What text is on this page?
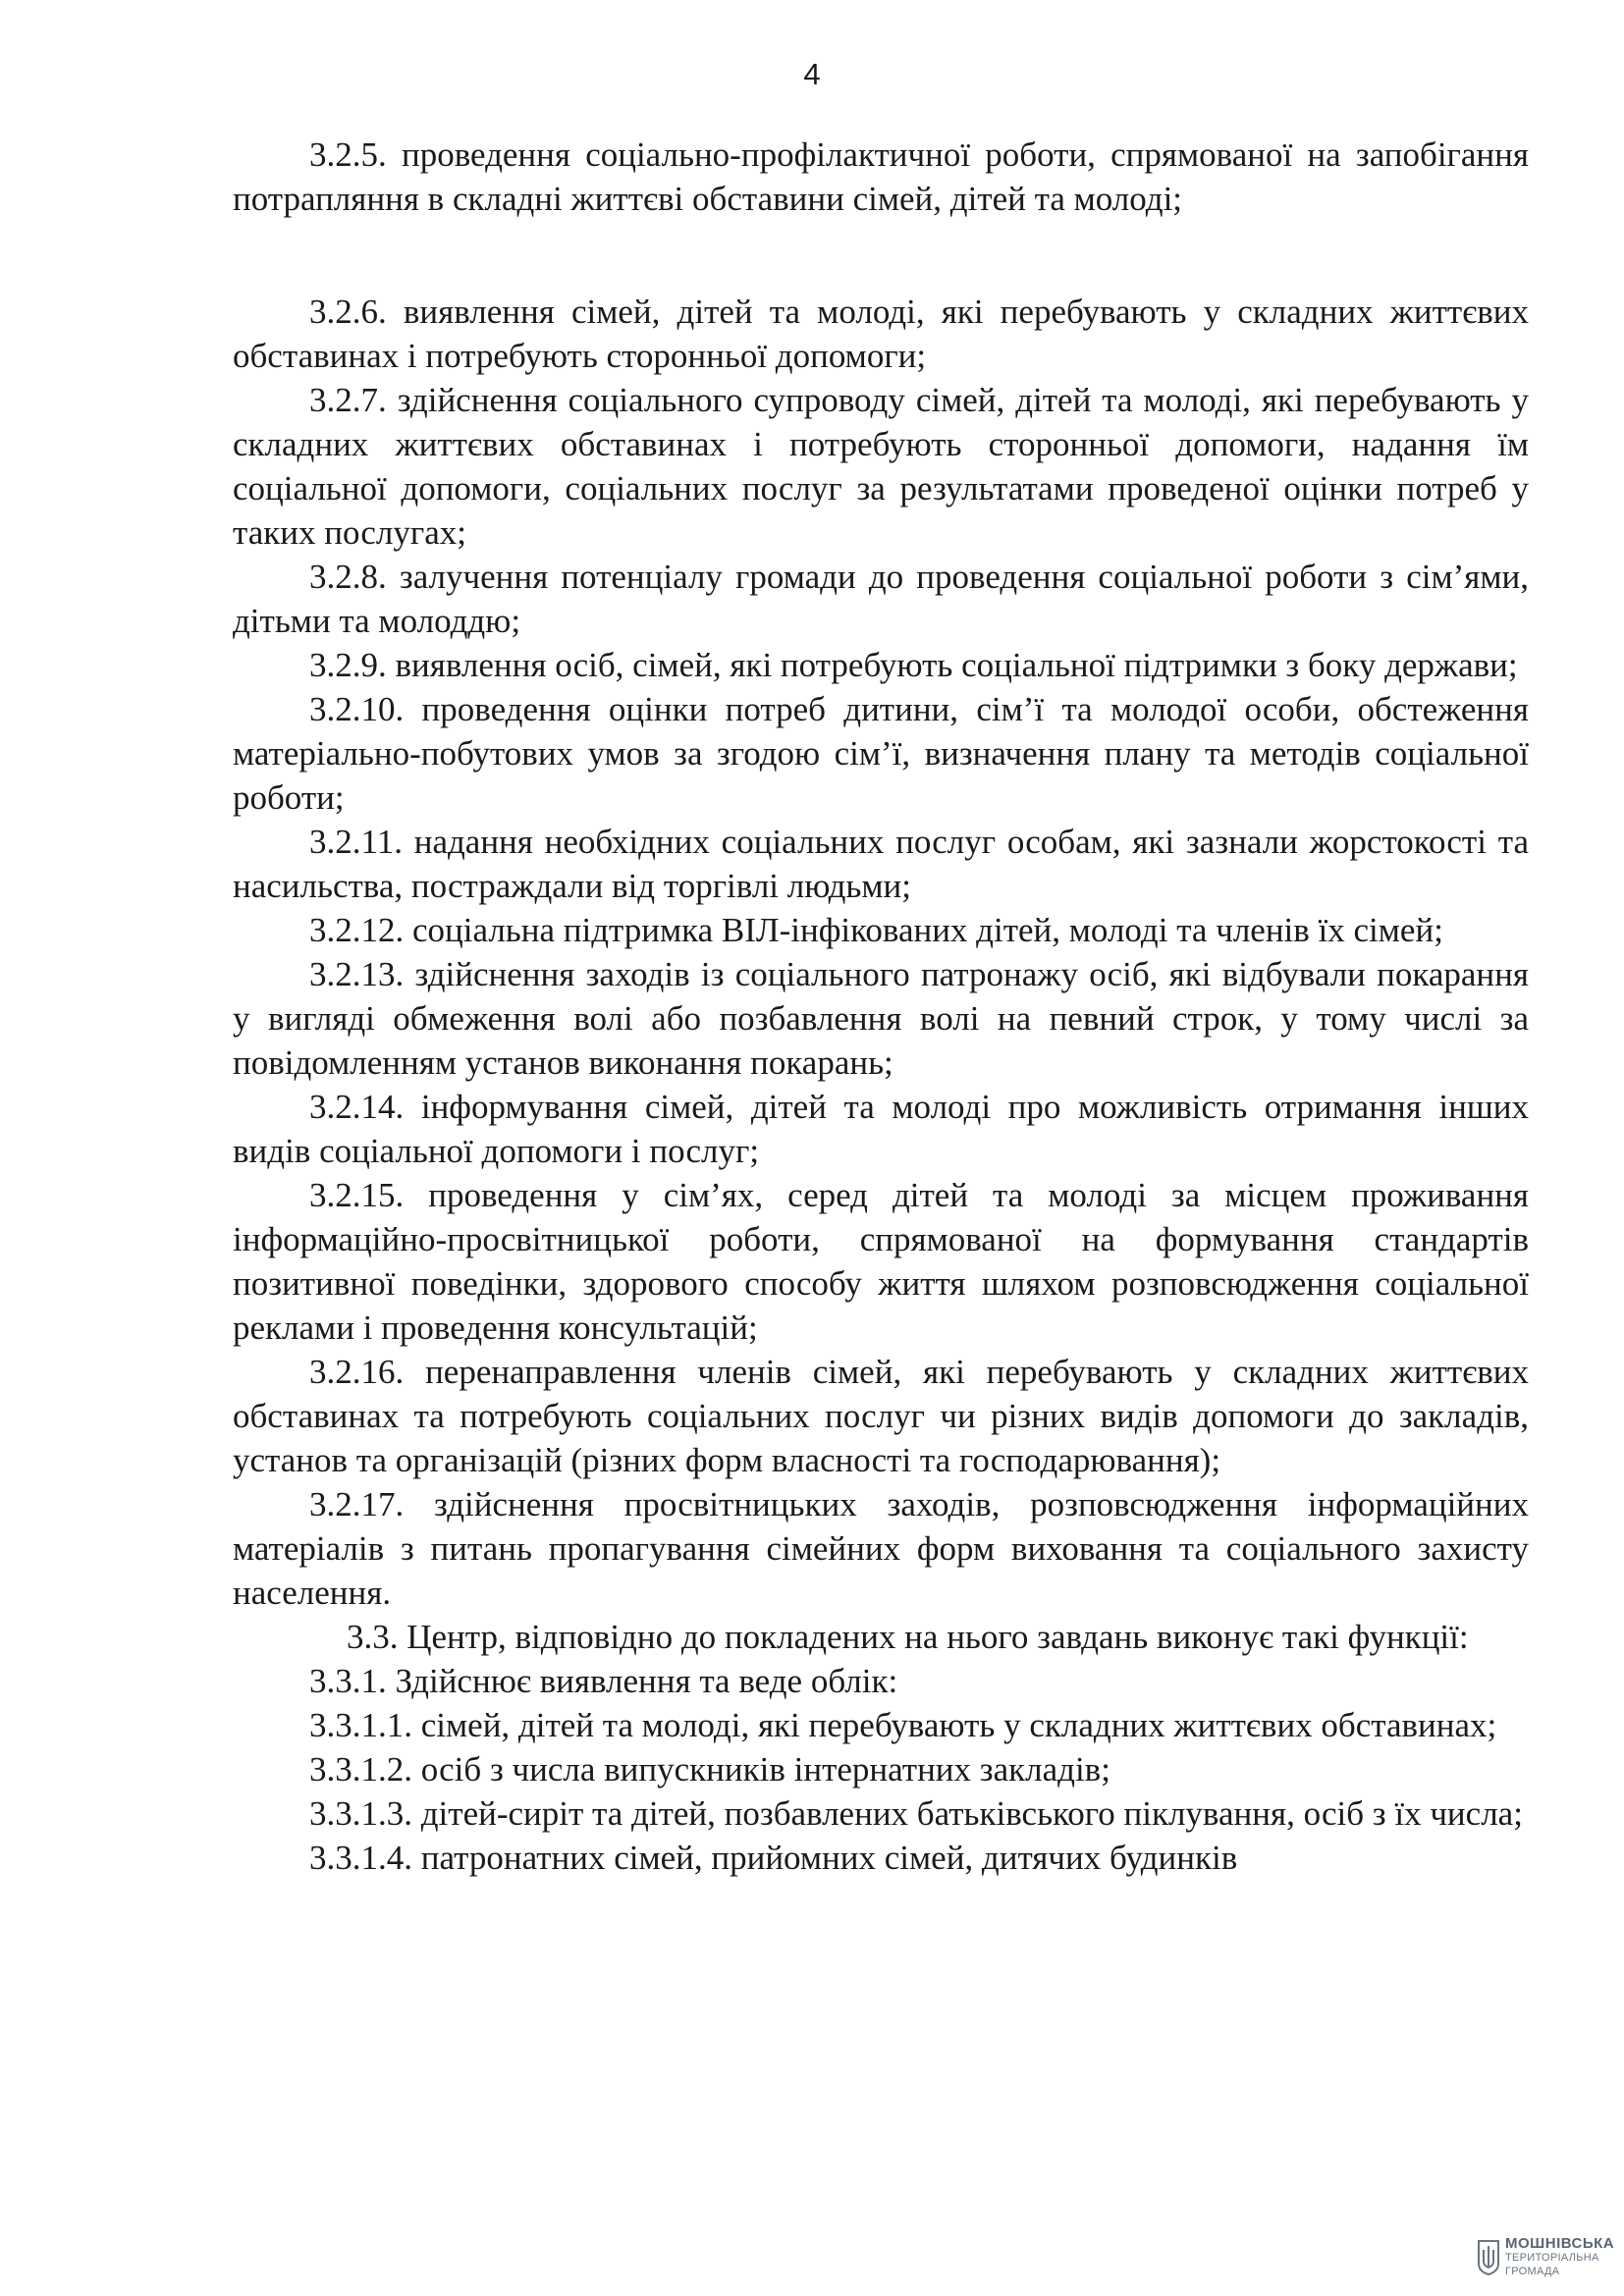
4

3.2.5. проведення соціально-профілактичної роботи, спрямованої на запобігання потрапляння в складні життєві обставини сімей, дітей та молоді;

3.2.6. виявлення сімей, дітей та молоді, які перебувають у складних життєвих обставинах і потребують сторонньої допомоги;

3.2.7. здійснення соціального супроводу сімей, дітей та молоді, які перебувають у складних життєвих обставинах і потребують сторонньої допомоги, надання їм соціальної допомоги, соціальних послуг за результатами проведеної оцінки потреб у таких послугах;

3.2.8. залучення потенціалу громади до проведення соціальної роботи з сім’ями, дітьми та молоддю;

3.2.9. виявлення осіб, сімей, які потребують соціальної підтримки з боку держави;

3.2.10. проведення оцінки потреб дитини, сім’ї та молодої особи, обстеження матеріально-побутових умов за згодою сім’ї, визначення плану та методів соціальної роботи;

3.2.11. надання необхідних соціальних послуг особам, які зазнали жорстокості та насильства, постраждали від торгівлі людьми;

3.2.12. соціальна підтримка ВІЛ-інфікованих дітей, молоді та членів їх сімей;

3.2.13. здійснення заходів із соціального патронажу осіб, які відбували покарання у вигляді обмеження волі або позбавлення волі на певний строк, у тому числі за повідомленням установ виконання покарань;

3.2.14. інформування сімей, дітей та молоді про можливість отримання інших видів соціальної допомоги і послуг;

3.2.15. проведення у сім’ях, серед дітей та молоді за місцем проживання інформаційно-просвітницької роботи, спрямованої на формування стандартів позитивної поведінки, здорового способу життя шляхом розповсюдження соціальної реклами і проведення консультацій;

3.2.16. перенаправлення членів сімей, які перебувають у складних життєвих обставинах та потребують соціальних послуг чи різних видів допомоги до закладів, установ та організацій (різних форм власності та господарювання);

3.2.17. здійснення просвітницьких заходів, розповсюдження інформаційних матеріалів з питань пропагування сімейних форм виховання та соціального захисту населення.

3.3. Центр, відповідно до покладених на нього завдань виконує такі функції:

3.3.1. Здійснює виявлення та веде облік:

3.3.1.1. сімей, дітей та молоді, які перебувають у складних життєвих обставинах;

3.3.1.2. осіб з числа випускників інтернатних закладів;

3.3.1.3. дітей-сиріт та дітей, позбавлених батьківського піклування, осіб з їх числа;

3.3.1.4. патронатних сімей, прийомних сімей, дитячих будинків

МОШНІВСЬКА
ТЕРИТОРІАЛЬНА
ГРОМАДА
